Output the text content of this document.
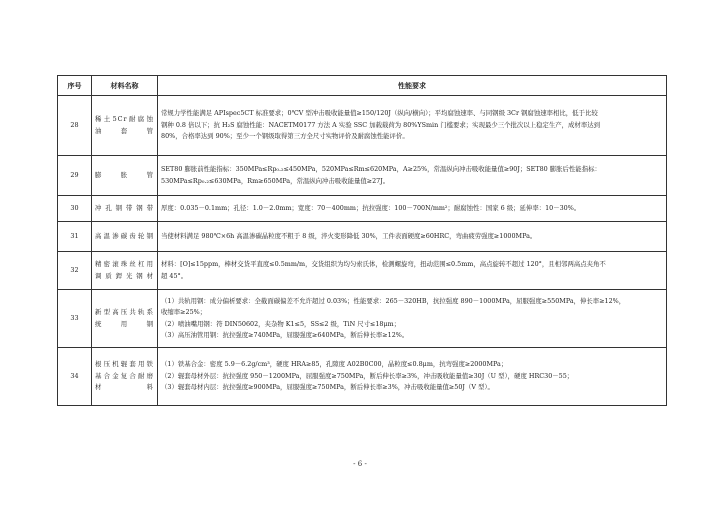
序号	材料名称	性能要求
28	稀土5Cr耐腐蚀油套管	常规力学性能满足 APIspec5CT 标准要求；0℃V 型冲击吸收能量值≥150/120J（纵向/横向）；平均腐蚀速率、与同钢级 3Cr 钢腐蚀速率相比，低于比较
钢种 0.8 倍以下；抗 H₂S 腐蚀性能：NACETM0177 方法 A 实验 SSC 加载载荷为 80%YSmin 门槛要求；实现最少三个批次以上稳定生产，成材率达到
80%，合格率达到 90%；至少一个钢级取得第三方全尺寸实物评价及耐腐蚀性能评价。

29	膨胀管	SET80 膨胀前性能指标：350MPa≤Rp₀.₂≤450MPa，520MPa≤Rm≤620MPa，A≥25%，常温纵向冲击吸收能量值≥90J；SET80 膨胀后性能指标：
530MPa≤Rp₀.₂≤630MPa，Rm≥650MPa，常温纵向冲击吸收能量值≥27J。

30	冲孔钢带钢带	厚度：0.035－0.1mm；孔径：1.0－2.0mm；宽度：70－400mm；抗拉强度：100－700N/mm²；耐腐蚀性：国家 6 级；延伸率：10－30%。

31	高温渗碳齿轮钢	当使材料满足 980℃×6h 高温渗碳晶粒度不粗于 8 级，淬火变形降低 30%，工件表面硬度≥60HRC，弯曲疲劳强度≥1000MPa。

32	精密滚珠丝杠用调质銲光钢材	材料：[O]≤15ppm，棒材交货平直度≤0.5mm/m，交货组织为均匀索氏体，检测螺旋弯，扭动范围≤0.5mm，高点旋转不超过 120°，且相邻两高点夹角不
超 45°。

33	新型高压共轨系统用钢	（1）共轨用钢：成分偏析要求：全截面碳偏差不允许超过 0.03%；性能要求：265－320HB，抗拉强度 890－1000MPa，屈服强度≥550MPa，伸长率≥12%，
收缩率≥25%；
（2）喷油嘴用钢：符 DIN50602，夹杂物 K1≤5，SS≤2 级，TiN 尺寸≤18μm；
（3）高压油管用钢：抗拉强度≥740MPa，屈服强度≥640MPa，断后伸长率≥12%。

34	根压机辊套用铁基合金复合耐磨材料	（1）铁基合金：密度 5.9－6.2g/cm³，硬度 HRA≥85，孔隙度 A02B0C00，晶粒度≤0.8μm，抗弯强度≥2000MPa；
（2）辊套母材外层：抗拉强度 950－1200MPa，屈服强度≥750MPa，断后伸长率≥3%，冲击吸收能量值≥30J（U 型），硬度 HRC30－55；
（3）辊套母材内层：抗拉强度≥900MPa，屈服强度≥750MPa，断后伸长率≥3%，冲击吸收能量值≥50J（V 型）。
- 6 -
